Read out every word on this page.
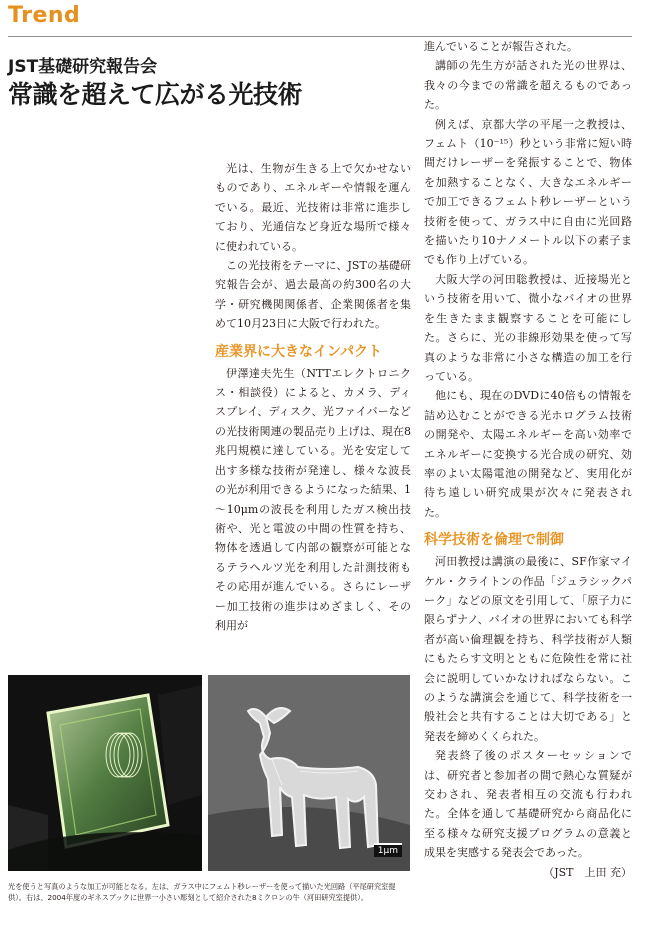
Trend
JST基礎研究報告会
常識を超えて広がる光技術

光は、生物が生きる上で欠かせないものであり、エネルギーや情報を運んでいる。最近、光技術は非常に進歩しており、光通信など身近な場所で様々に使われている。

この光技術をテーマに、JSTの基礎研究報告会が、過去最高の約300名の大学・研究機関関係者、企業関係者を集めて10月23日に大阪で行われた。

産業界に大きなインパクト

伊澤達夫先生（NTTエレクトロニクス・相談役）によると、カメラ、ディスプレイ、ディスク、光ファイバーなどの光技術関連の製品売り上げは、現在8兆円規模に達している。光を安定して出す多様な技術が発達し、様々な波長の光が利用できるようになった結果、1～10μmの波長を利用したガス検出技術や、光と電波の中間の性質を持ち、物体を透過して内部の観察が可能となるテラヘルツ光を利用した計測技術もその応用が進んでいる。さらにレーザー加工技術の進歩はめざましく、その利用が

進んでいることが報告された。

講師の先生方が話された光の世界は、我々の今までの常識を超えるものであった。

例えば、京都大学の平尾一之教授は、フェムト（10⁻¹⁵）秒という非常に短い時間だけレーザーを発振することで、物体を加熱することなく、大きなエネルギーで加工できるフェムト秒レーザーという技術を使って、ガラス中に自由に光回路を描いたり10ナノメートル以下の素子までも作り上げている。

大阪大学の河田聡教授は、近接場光という技術を用いて、微小なバイオの世界を生きたまま観察することを可能にした。さらに、光の非線形効果を使って写真のような非常に小さな構造の加工を行っている。

他にも、現在のDVDに40倍もの情報を詰め込むことができる光ホログラム技術の開発や、太陽エネルギーを高い効率でエネルギーに変換する光合成の研究、効率のよい太陽電池の開発など、実用化が待ち遠しい研究成果が次々に発表された。

科学技術を倫理で制御

河田教授は講演の最後に、SF作家マイケル・クライトンの作品「ジュラシックパーク」などの原文を引用して、「原子力に限らずナノ、バイオの世界においても科学者が高い倫理観を持ち、科学技術が人類にもたらす文明とともに危険性を常に社会に説明していかなければならない。このような講演会を通じて、科学技術を一般社会と共有することは大切である」と発表を締めくくられた。

発表終了後のポスターセッションでは、研究者と参加者の間で熱心な質疑が交わされ、発表者相互の交流も行われた。全体を通して基礎研究から商品化に至る様々な研究支援プログラムの意義と成果を実感する発表会であった。
（JST　上田 充）

1μm
光を使うと写真のような加工が可能となる。左は、ガラス中にフェムト秒レーザーを使って描いた光回路（平尾研究室提供）。右は、2004年度のギネスブックに世界一小さい彫刻として紹介された8ミクロンの牛（河田研究室提供）。
